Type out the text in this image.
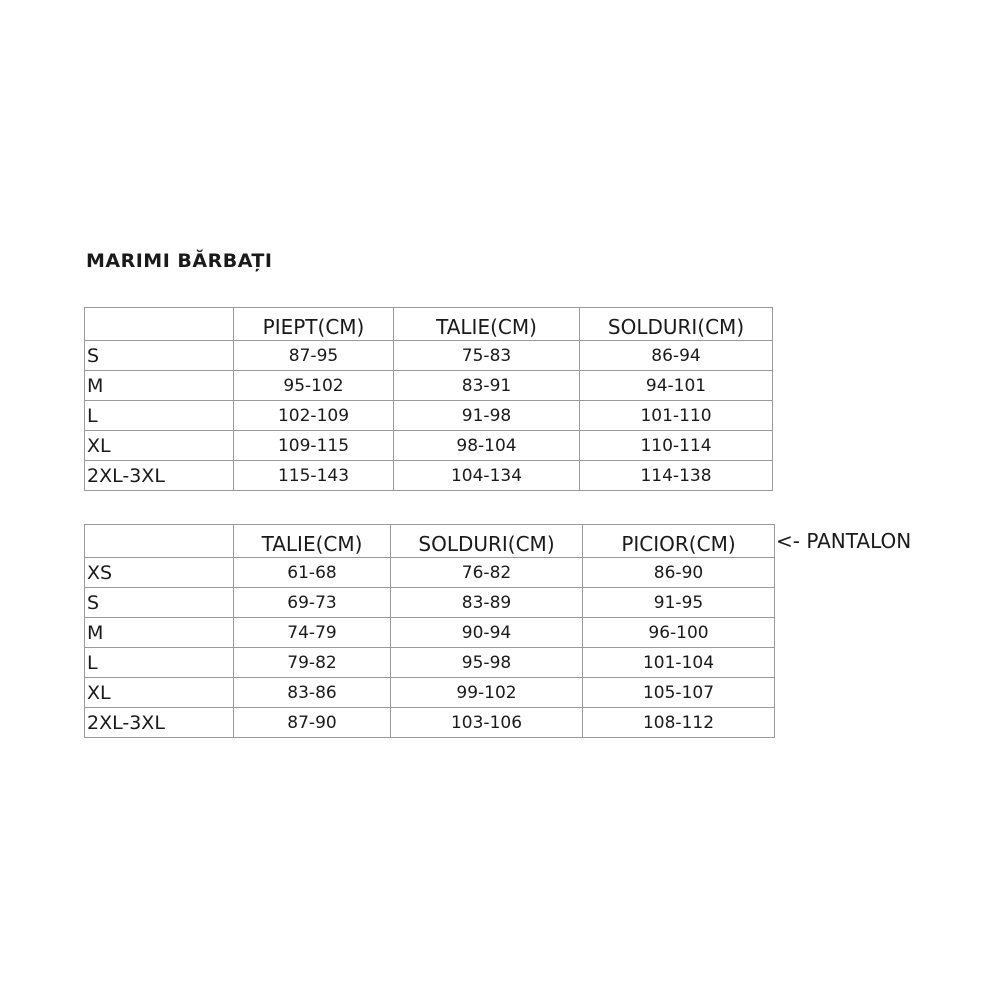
MARIMI BĂRBAȚI
	PIEPT(CM)	TALIE(CM)	SOLDURI(CM)
S	87-95	75-83	86-94
M	95-102	83-91	94-101
L	102-109	91-98	101-110
XL	109-115	98-104	110-114
2XL-3XL	115-143	104-134	114-138
	TALIE(CM)	SOLDURI(CM)	PICIOR(CM)
XS	61-68	76-82	86-90
S	69-73	83-89	91-95
M	74-79	90-94	96-100
L	79-82	95-98	101-104
XL	83-86	99-102	105-107
2XL-3XL	87-90	103-106	108-112
<- PANTALON
